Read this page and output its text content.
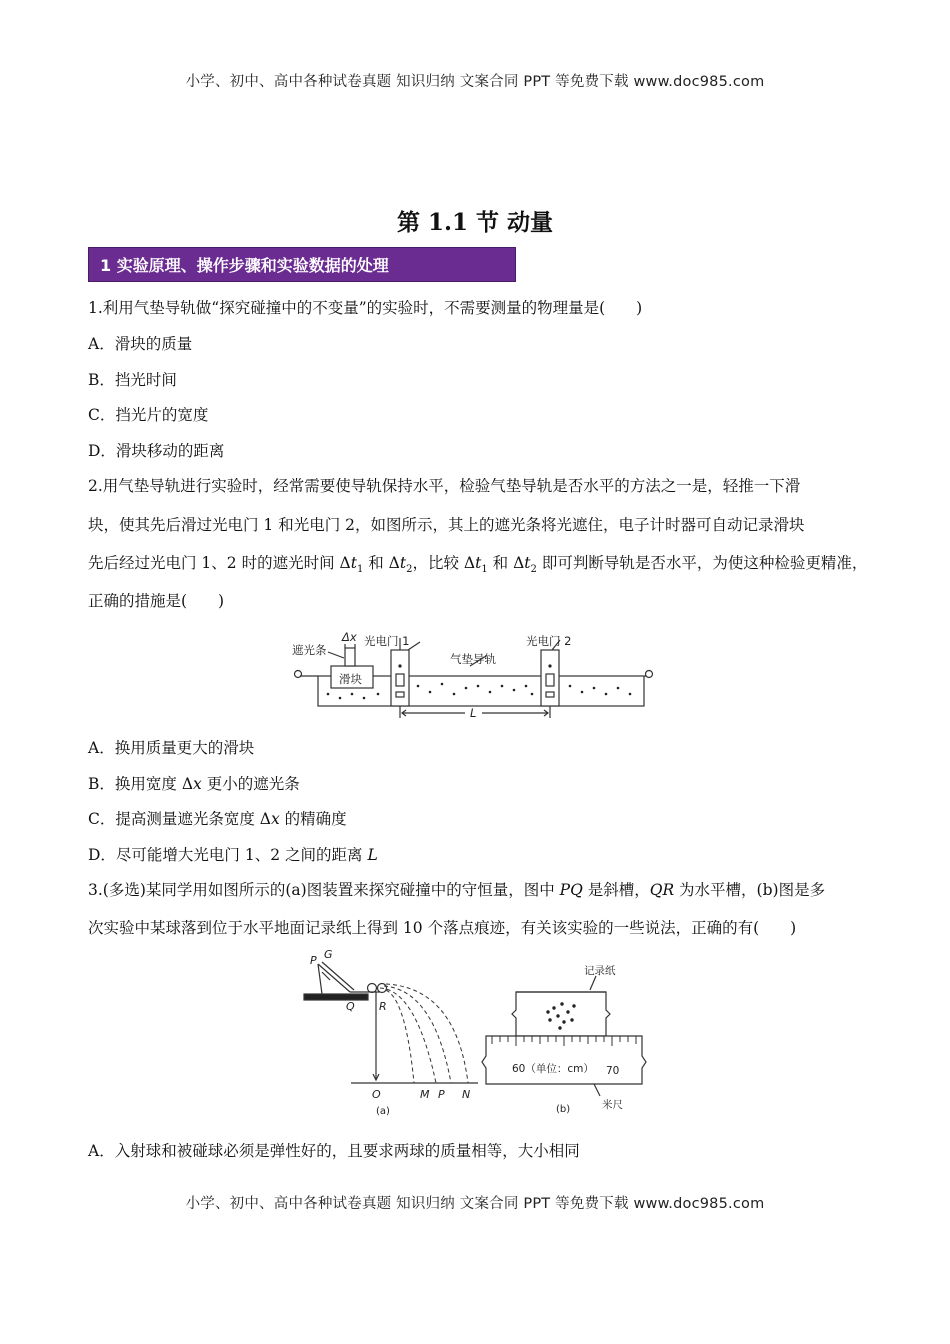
小学、初中、高中各种试卷真题 知识归纳 文案合同 PPT 等免费下载 www.doc985.com
小学、初中、高中各种试卷真题 知识归纳 文案合同 PPT 等免费下载 www.doc985.com
第 1.1 节 动量
1 实验原理、操作步骤和实验数据的处理
1.利用气垫导轨做“探究碰撞中的不变量”的实验时，不需要测量的物理量是(　　)
A．滑块的质量
B．挡光时间
C．挡光片的宽度
D．滑块移动的距离
2.用气垫导轨进行实验时，经常需要使导轨保持水平，检验气垫导轨是否水平的方法之一是，轻推一下滑
块，使其先后滑过光电门 1 和光电门 2，如图所示，其上的遮光条将光遮住，电子计时器可自动记录滑块
先后经过光电门 1、2 时的遮光时间 $\Delta t_1$ 和 $\Delta t_2$，比较 $\Delta t_1$ 和 $\Delta t_2$ 即可判断导轨是否水平，为使这种检验更精准，
正确的措施是(　　)
遮光条
Δx 光电门 1
气垫导轨
光电门 2
滑块
L
A．换用质量更大的滑块
B．换用宽度 Δx 更小的遮光条
C．提高测量遮光条宽度 Δx 的精确度
D．尽可能增大光电门 1、2 之间的距离 L
3.(多选)某同学用如图所示的(a)图装置来探究碰撞中的守恒量，图中 PQ 是斜槽，QR 为水平槽，(b)图是多
次实验中某球落到位于水平地面记录纸上得到 10 个落点痕迹，有关该实验的一些说法，正确的有(　　)
P G
Q R
O	M P N
(a)
记录纸
60（单位：cm） 70
(b)	米尺
A．入射球和被碰球必须是弹性好的，且要求两球的质量相等，大小相同
